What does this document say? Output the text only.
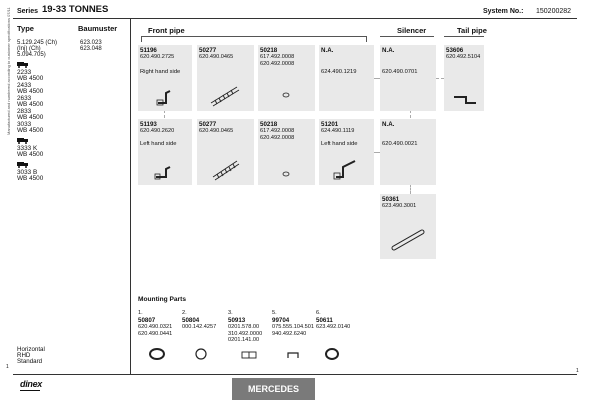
Series 19-33 TONNES	System No.: 150200282
Type	Baumuster
Manufactured and numbered according to customer specifications 07/11 5.129.245 (Ch)
(Inj) (Ch)
5.094.705)
623.023
623.048
2233
WB 4500
2433
WB 4500
2633
WB 4500
2833
WB 4500
3033
WB 4500
3333 K
WB 4500
3033 B
WB 4500
Horizontal
RHD
Standard
Front pipe	Silencer	Tail pipe
51196
620.490.2725
Right hand side
50277
620.490.0465
50218
617.492.0008
620.492.0008
N.A.
624.490.1219
N.A.
620.490.0701
53606
620.492.5104
51193
620.490.2620
Left hand side
50277
620.490.0465
50218
617.492.0008
620.492.0008
51201
624.490.1119
Left hand side
N.A.
620.490.0021
50361
623.490.3001
Mounting Parts
1.
50807
620.490.0321
620.490.0441
2.
50804
000.142.4257
3.
50913
0201.578.00
310.492.0000
0201.141.00
5.
99704
075.555.104.501
940.492.6240
6.
50611
623.492.0140
1
1
dinex	MERCEDES
